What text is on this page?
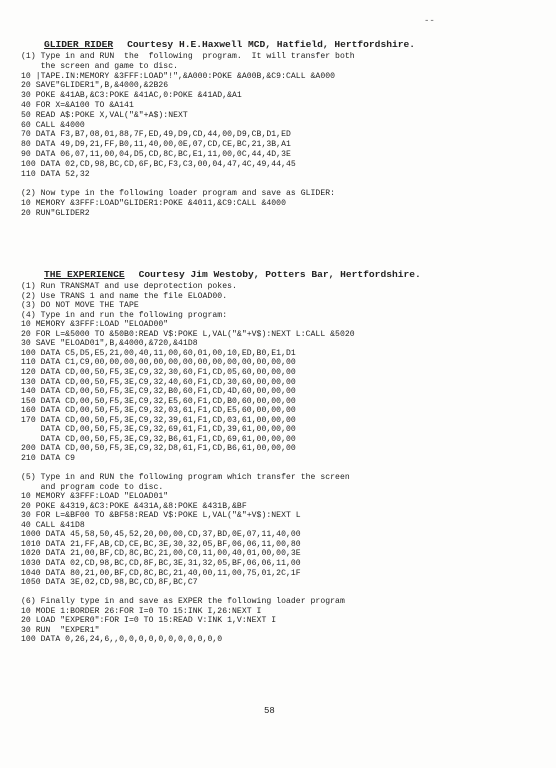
--

GLIDER RIDER Courtesy H.E.Haxwell MCD, Hatfield, Hertfordshire.

(1) Type in and RUN  the  following  program.  It will transfer both
the screen and game to disc.
10 |TAPE.IN:MEMORY &3FFF:LOAD"!",&A000:POKE &A00B,&C9:CALL &A000
20 SAVE"GLIDER1",B,&4000,&2B26
30 POKE &41AB,&C3:POKE &41AC,0:POKE &41AD,&A1
40 FOR X=&A100 TO &A141
50 READ A$:POKE X,VAL("&"+A$):NEXT
60 CALL &4000
70 DATA F3,B7,08,01,88,7F,ED,49,D9,CD,44,00,D9,CB,D1,ED
80 DATA 49,D9,21,FF,B0,11,40,00,0E,07,CD,CE,BC,21,3B,A1
90 DATA 06,07,11,00,04,D5,CD,8C,BC,E1,11,00,0C,44,4D,3E
100 DATA 02,CD,98,BC,CD,6F,BC,F3,C3,00,04,47,4C,49,44,45
110 DATA 52,32
(2) Now type in the following loader program and save as GLIDER:
10 MEMORY &3FFF:LOAD"GLIDER1:POKE &4011,&C9:CALL &4000
20 RUN"GLIDER2

THE EXPERIENCE Courtesy Jim Westoby, Potters Bar, Hertfordshire.

(1) Run TRANSMAT and use deprotection pokes.
(2) Use TRANS 1 and name the file ELOAD00.
(3) DO NOT MOVE THE TAPE
(4) Type in and run the following program:
10 MEMORY &3FFF:LOAD "ELOAD00"
20 FOR L=&5000 TO &50B0:READ V$:POKE L,VAL("&"+V$):NEXT L:CALL &5020
30 SAVE "ELOAD01",B,&4000,&720,&41D8
100 DATA C5,D5,E5,21,00,40,11,00,60,01,00,10,ED,B0,E1,D1
110 DATA C1,C9,00,00,00,00,00,00,00,00,00,00,00,00,00,00
120 DATA CD,00,50,F5,3E,C9,32,30,60,F1,CD,05,60,00,00,00
130 DATA CD,00,50,F5,3E,C9,32,40,60,F1,CD,30,60,00,00,00
140 DATA CD,00,50,F5,3E,C9,32,B0,60,F1,CD,4D,60,00,00,00
150 DATA CD,00,50,F5,3E,C9,32,E5,60,F1,CD,B0,60,00,00,00
160 DATA CD,00,50,F5,3E,C9,32,03,61,F1,CD,E5,60,00,00,00
170 DATA CD,00,50,F5,3E,C9,32,39,61,F1,CD,03,61,00,00,00
DATA CD,00,50,F5,3E,C9,32,69,61,F1,CD,39,61,00,00,00
DATA CD,00,50,F5,3E,C9,32,B6,61,F1,CD,69,61,00,00,00
200 DATA CD,00,50,F5,3E,C9,32,D8,61,F1,CD,B6,61,00,00,00
210 DATA C9
(5) Type in and RUN the following program which transfer the screen
and program code to disc.
10 MEMORY &3FFF:LOAD "ELOAD01"
20 POKE &4319,&C3:POKE &431A,&8:POKE &431B,&BF
30 FOR L=&BF00 TO &BF58:READ V$:POKE L,VAL("&"+V$):NEXT L
40 CALL &41D8
1000 DATA 45,58,50,45,52,20,00,00,CD,37,BD,0E,07,11,40,00
1010 DATA 21,FF,AB,CD,CE,BC,3E,30,32,05,BF,06,06,11,00,80
1020 DATA 21,00,BF,CD,8C,BC,21,00,C0,11,00,40,01,00,00,3E
1030 DATA 02,CD,98,BC,CD,8F,BC,3E,31,32,05,BF,06,06,11,00
1040 DATA 80,21,00,BF,CD,8C,BC,21,40,00,11,00,75,01,2C,1F
1050 DATA 3E,02,CD,98,BC,CD,8F,BC,C7
(6) Finally type in and save as EXPER the following loader program
10 MODE 1:BORDER 26:FOR I=0 TO 15:INK I,26:NEXT I
20 LOAD "EXPER0":FOR I=0 TO 15:READ V:INK 1,V:NEXT I
30 RUN  "EXPER1"
100 DATA 0,26,24,6,,0,0,0,0,0,0,0,0,0,0,0
58
